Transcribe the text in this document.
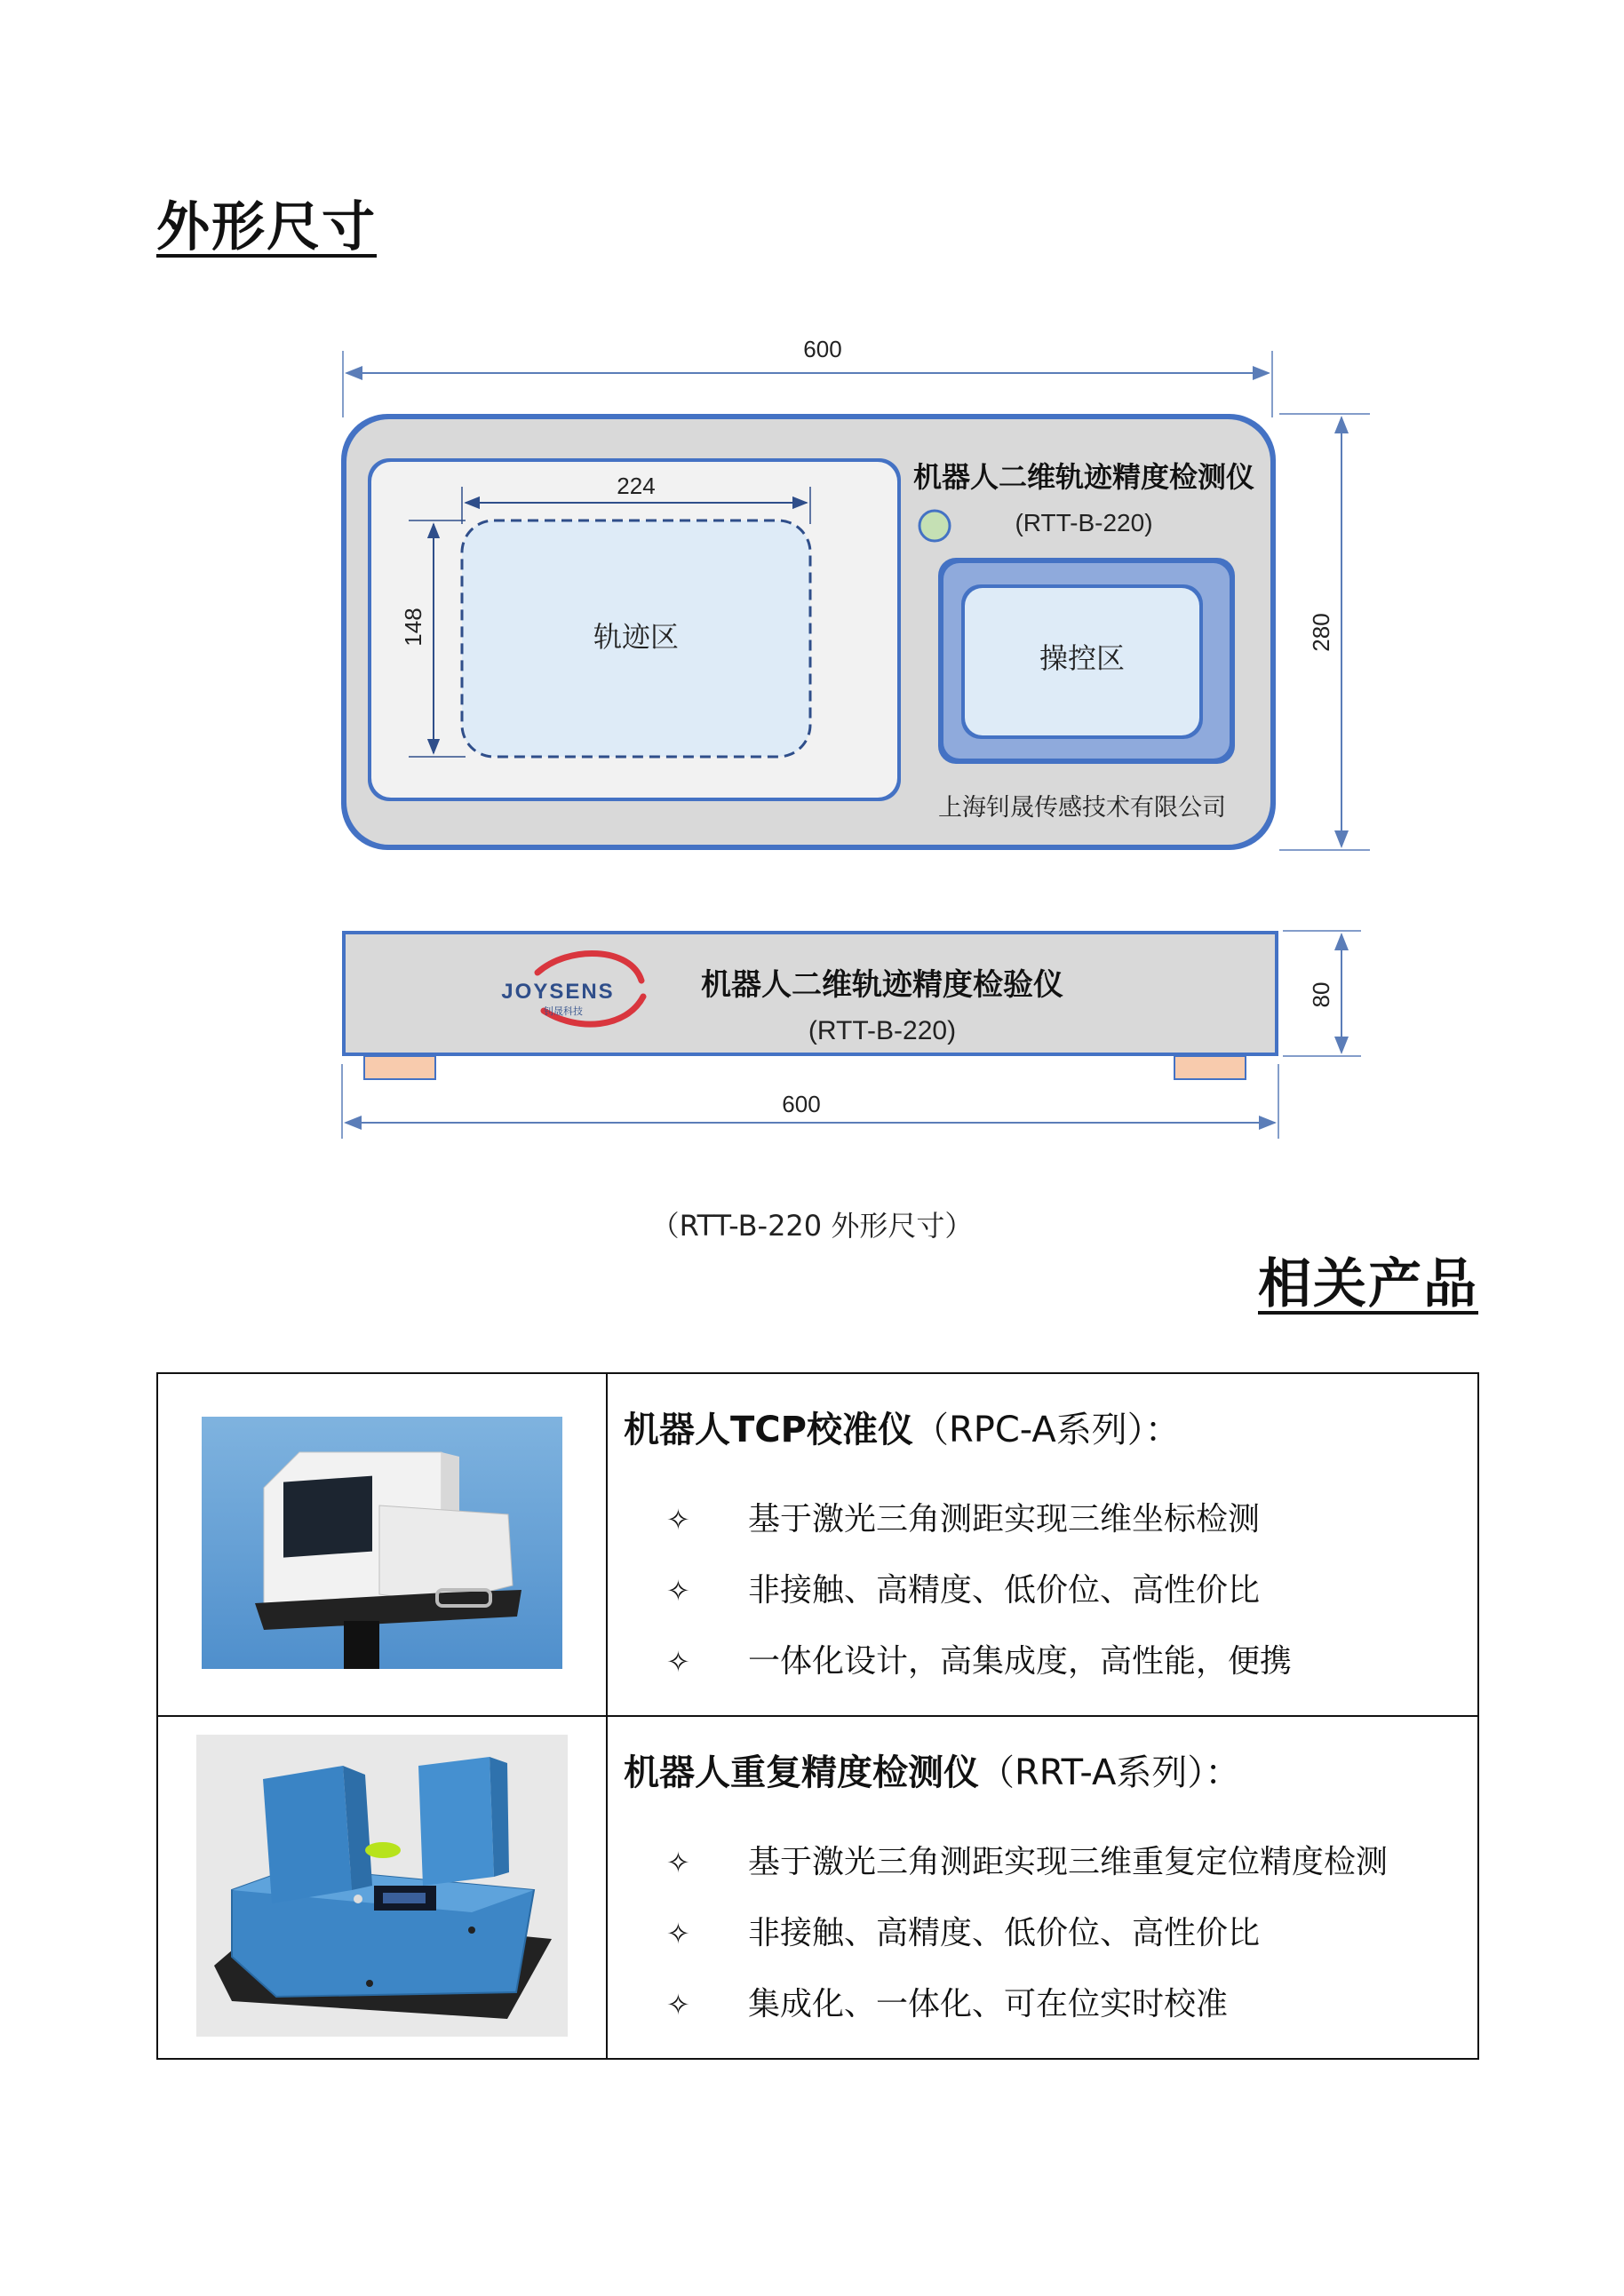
外形尺寸
600
280
轨迹区
224
148
机器人二维轨迹精度检测仪
(RTT-B-220)
操控区
上海钊晟传感技术有限公司
JOYSENS
钊晟科技
机器人二维轨迹精度检验仪
(RTT-B-220)
80
600
（RTT-B-220 外形尺寸）
相关产品

机器人TCP校准仪（RPC-A系列）：
✧ 基于激光三角测距实现三维坐标检测
✧ 非接触、高精度、低价位、高性价比
✧ 一体化设计，高集成度，高性能，便携

机器人重复精度检测仪（RRT-A系列）：
✧ 基于激光三角测距实现三维重复定位精度检测
✧ 非接触、高精度、低价位、高性价比
✧ 集成化、一体化、可在位实时校准
